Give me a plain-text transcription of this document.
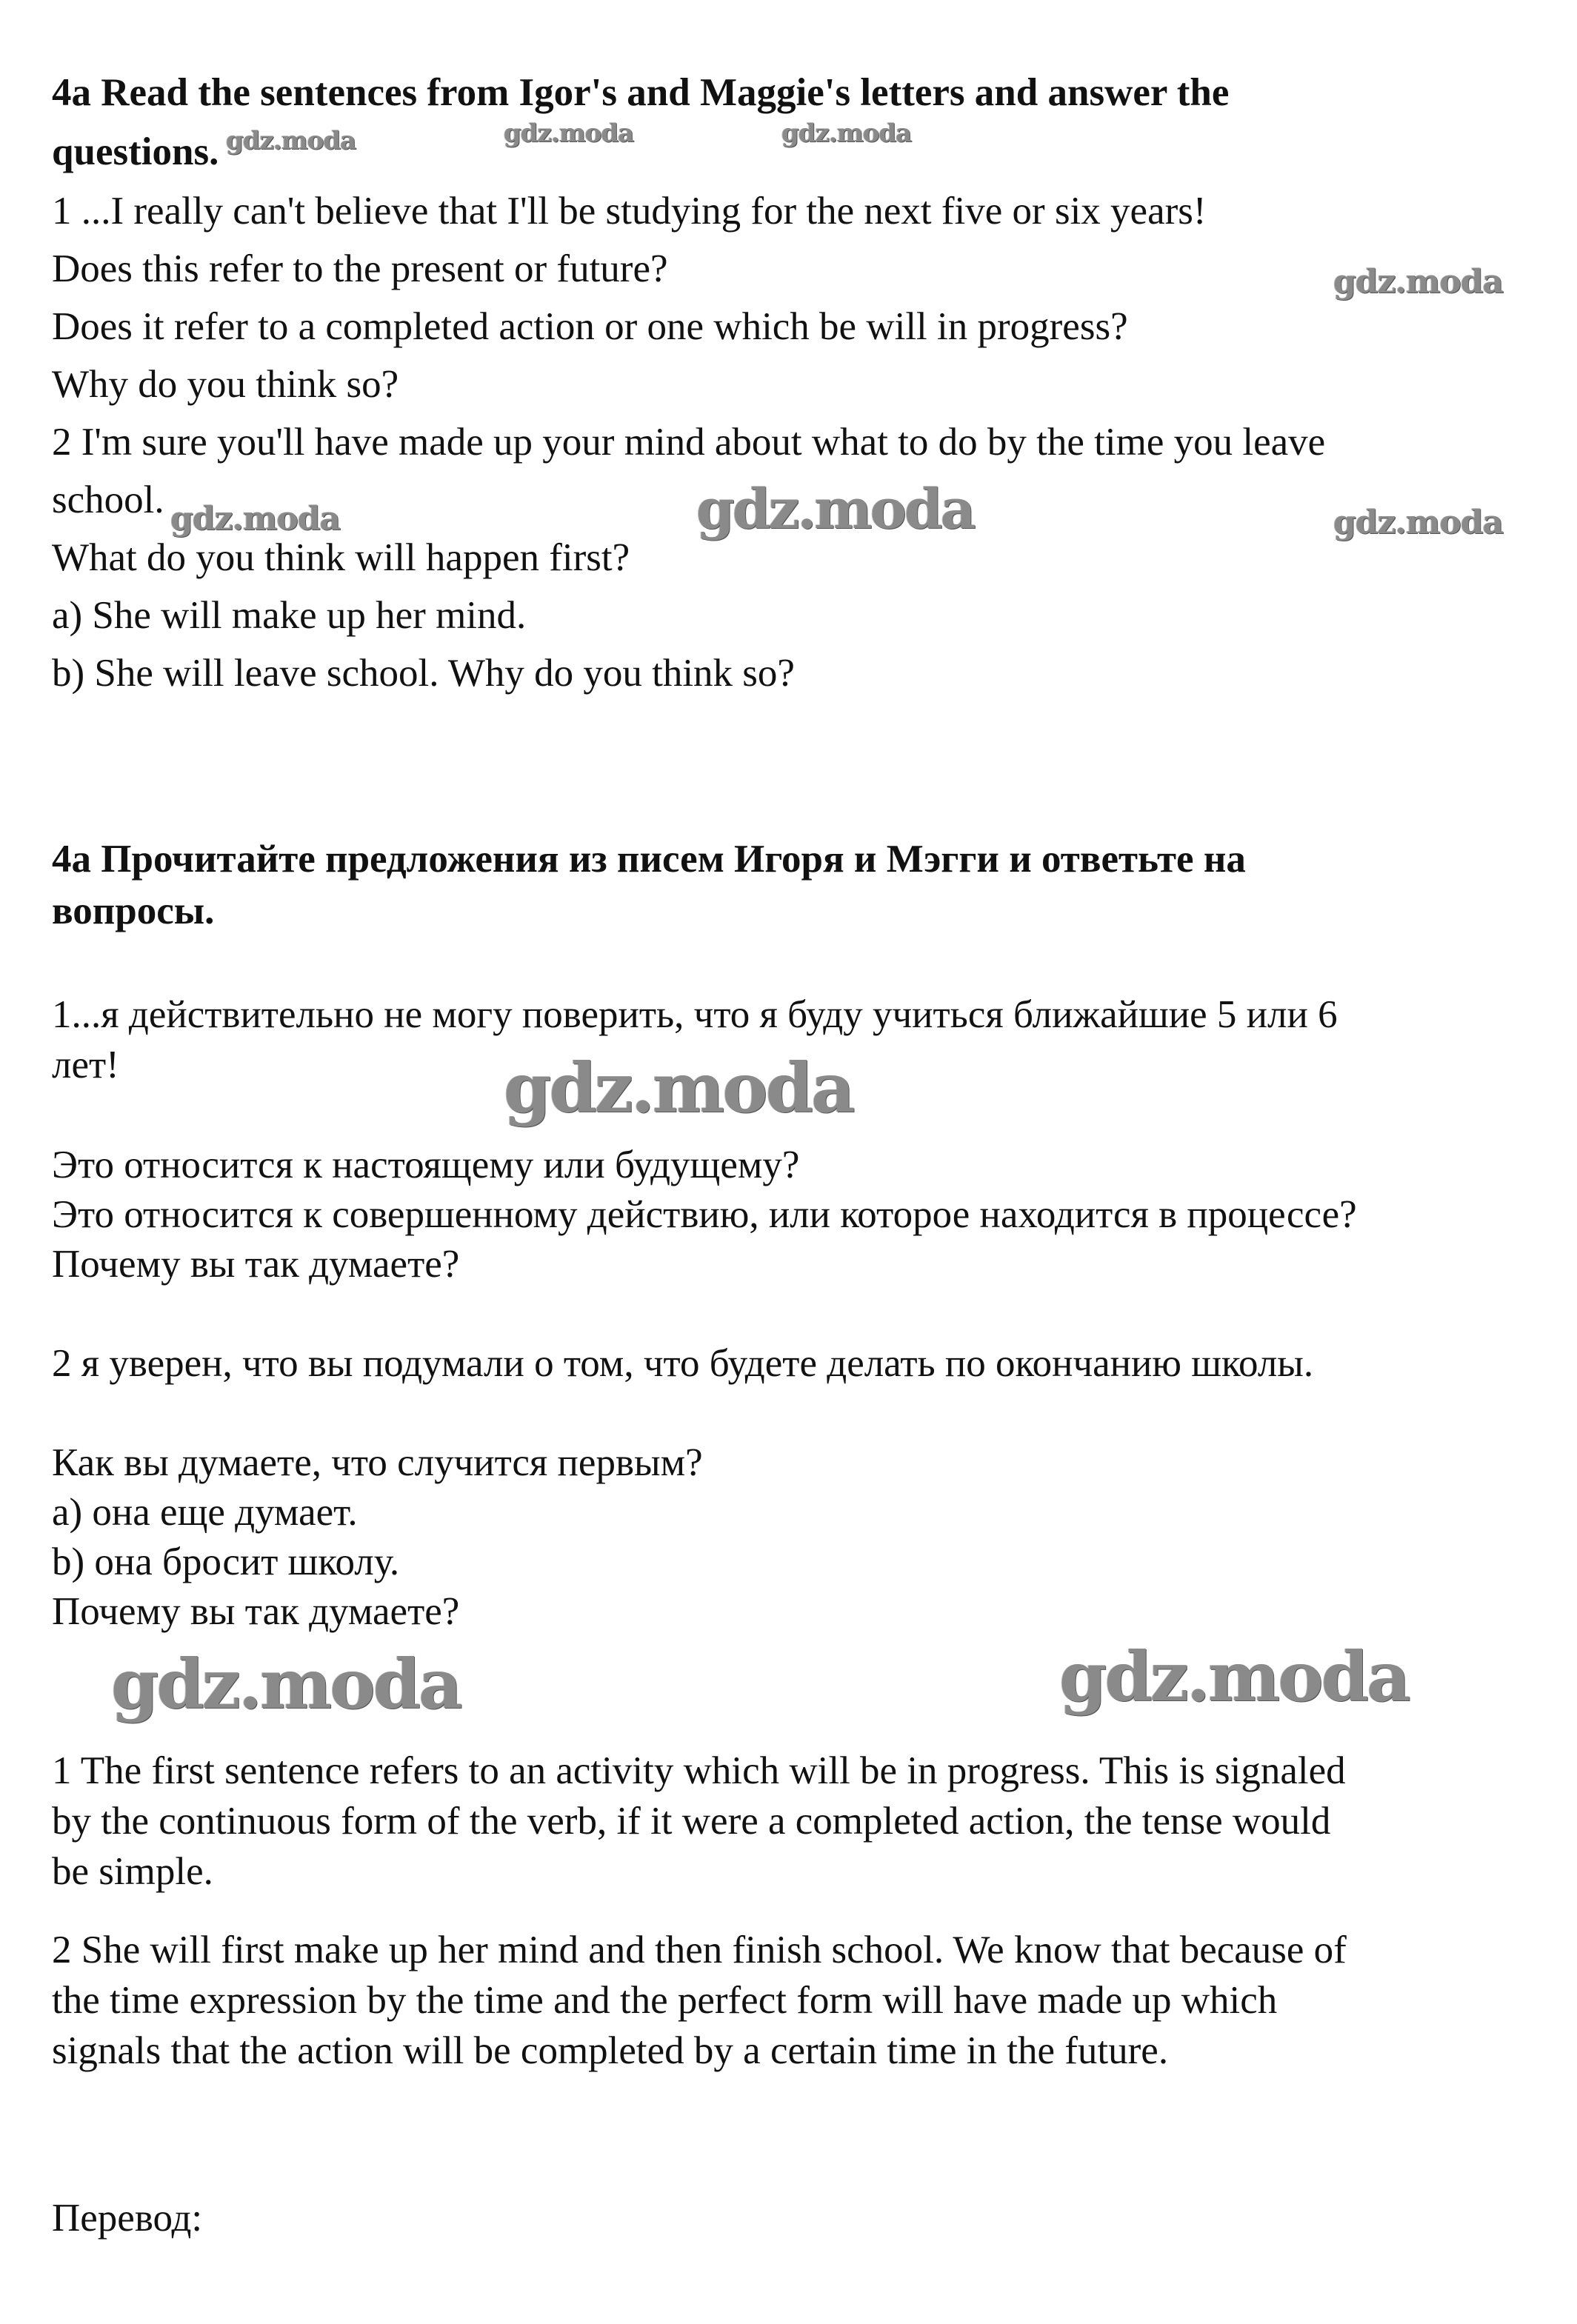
4a Read the sentences from Igor's and Maggie's letters and answer the

questions.

1 ...I really can't believe that I'll be studying for the next five or six years!

Does this refer to the present or future?

Does it refer to a completed action or one which be will in progress?

Why do you think so?

2 I'm sure you'll have made up your mind about what to do by the time you leave

school.

What do you think will happen first?

a) She will make up her mind.

b) She will leave school. Why do you think so?

4a Прочитайте предложения из писем Игоря и Мэгги и ответьте на

вопросы.

1...я действительно не могу поверить, что я буду учиться ближайшие 5 или 6

лет!

Это относится к настоящему или будущему?

Это относится к совершенному действию, или которое находится в процессе?

Почему вы так думаете?

2 я уверен, что вы подумали о том, что будете делать по окончанию школы.

Как вы думаете, что случится первым?

a) она еще думает.

b) она бросит школу.

Почему вы так думаете?

1 The first sentence refers to an activity which will be in progress. This is signaled

by the continuous form of the verb, if it were a completed action, the tense would

be simple.

2 She will first make up her mind and then finish school. We know that because of

the time expression by the time and the perfect form will have made up which

signals that the action will be completed by a certain time in the future.

Перевод:

gdz.moda	gdz.moda	gdz.moda
gdz.moda
gdz.moda	gdz.moda	gdz.moda
gdz.moda
gdz.moda	gdz.moda
